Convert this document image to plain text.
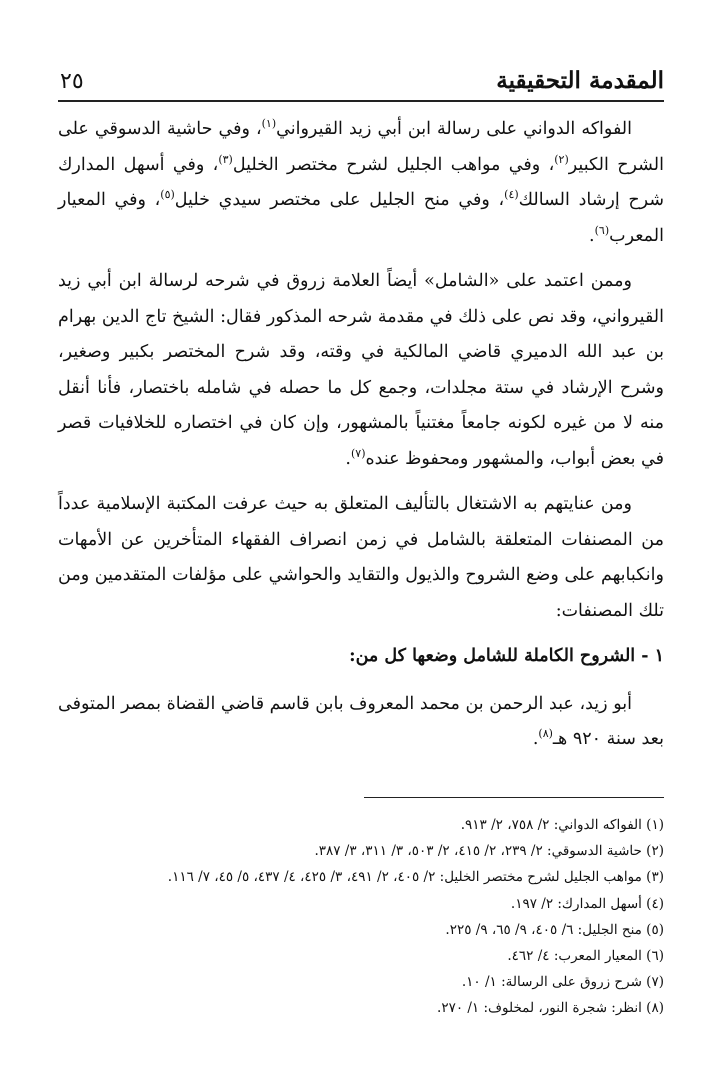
المقدمة التحقيقية
٢٥

الفواكه الدواني على رسالة ابن أبي زيد القيرواني$^{(١)}$، وفي حاشية الدسوقي على الشرح الكبير$^{(٢)}$، وفي مواهب الجليل لشرح مختصر الخليل$^{(٣)}$، وفي أسهل المدارك شرح إرشاد السالك$^{(٤)}$، وفي منح الجليل على مختصر سيدي خليل$^{(٥)}$، وفي المعيار المعرب$^{(٦)}$.

وممن اعتمد على «الشامل» أيضاً العلامة زروق في شرحه لرسالة ابن أبي زيد القيرواني، وقد نص على ذلك في مقدمة شرحه المذكور فقال: الشيخ تاج الدين بهرام بن عبد الله الدميري قاضي المالكية في وقته، وقد شرح المختصر بكبير وصغير، وشرح الإرشاد في ستة مجلدات، وجمع كل ما حصله في شامله باختصار، فأنا أنقل منه لا من غيره لكونه جامعاً مغتنياً بالمشهور، وإن كان في اختصاره للخلافيات قصر في بعض أبواب، والمشهور ومحفوظ عنده$^{(٧)}$.

ومن عنايتهم به الاشتغال بالتأليف المتعلق به حيث عرفت المكتبة الإسلامية عدداً من المصنفات المتعلقة بالشامل في زمن انصراف الفقهاء المتأخرين عن الأمهات وانكبابهم على وضع الشروح والذيول والتقايد والحواشي على مؤلفات المتقدمين ومن تلك المصنفات:

١ - الشروح الكاملة للشامل وضعها كل من:

أبو زيد، عبد الرحمن بن محمد المعروف بابن قاسم قاضي القضاة بمصر المتوفى بعد سنة ٩٢٠ هـ$^{(٨)}$.

(١) الفواكه الدواني: ٢/ ٧٥٨، ٢/ ٩١٣.
(٢) حاشية الدسوقي: ٢/ ٢٣٩، ٢/ ٤١٥، ٢/ ٥٠٣، ٣/ ٣١١، ٣/ ٣٨٧.
(٣) مواهب الجليل لشرح مختصر الخليل: ٢/ ٤٠٥، ٢/ ٤٩١، ٣/ ٤٢٥، ٤/ ٤٣٧، ٥/ ٤٥، ٧/ ١١٦.
(٤) أسهل المدارك: ٢/ ١٩٧.
(٥) منح الجليل: ٦/ ٤٠٥، ٩/ ٦٥، ٩/ ٢٢٥.
(٦) المعيار المعرب: ٤/ ٤٦٢.
(٧) شرح زروق على الرسالة: ١/ ١٠.
(٨) انظر: شجرة النور، لمخلوف: ١/ ٢٧٠.
